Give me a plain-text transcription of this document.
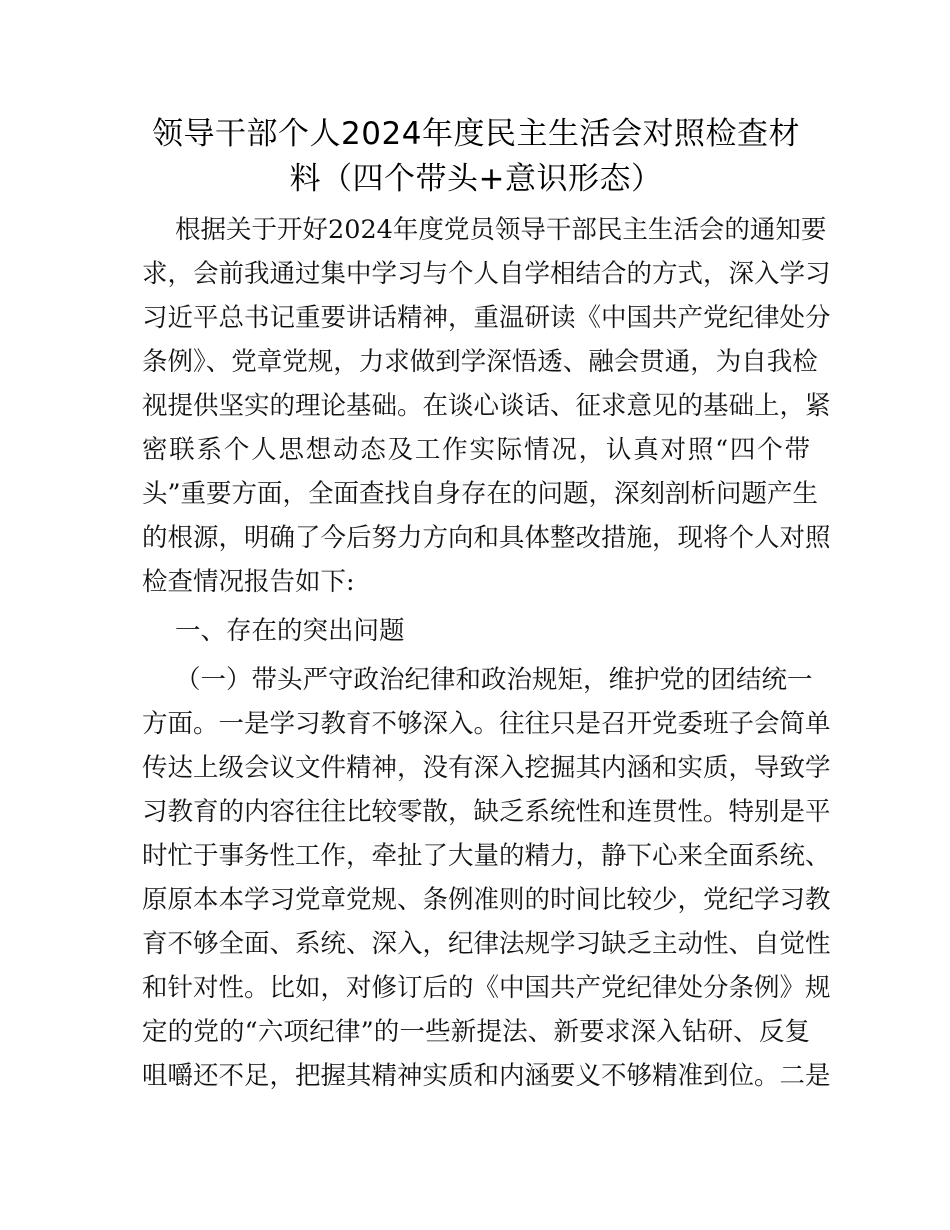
领导干部个人2024年度民主生活会对照检查材
料（四个带头+意识形态）
根据关于开好2024年度党员领导干部民主生活会的通知要
求，会前我通过集中学习与个人自学相结合的方式，深入学习
习近平总书记重要讲话精神，重温研读《中国共产党纪律处分
条例》、党章党规，力求做到学深悟透、融会贯通，为自我检
视提供坚实的理论基础。在谈心谈话、征求意见的基础上，紧
密联系个人思想动态及工作实际情况，认真对照“四个带
头”重要方面，全面查找自身存在的问题，深刻剖析问题产生
的根源，明确了今后努力方向和具体整改措施，现将个人对照
检查情况报告如下:
一、存在的突出问题
（一）带头严守政治纪律和政治规矩，维护党的团结统一
方面。一是学习教育不够深入。往往只是召开党委班子会简单
传达上级会议文件精神，没有深入挖掘其内涵和实质，导致学
习教育的内容往往比较零散，缺乏系统性和连贯性。特别是平
时忙于事务性工作，牵扯了大量的精力，静下心来全面系统、
原原本本学习党章党规、条例准则的时间比较少，党纪学习教
育不够全面、系统、深入，纪律法规学习缺乏主动性、自觉性
和针对性。比如，对修订后的《中国共产党纪律处分条例》规
定的党的“六项纪律”的一些新提法、新要求深入钻研、反复
咀嚼还不足，把握其精神实质和内涵要义不够精准到位。二是
